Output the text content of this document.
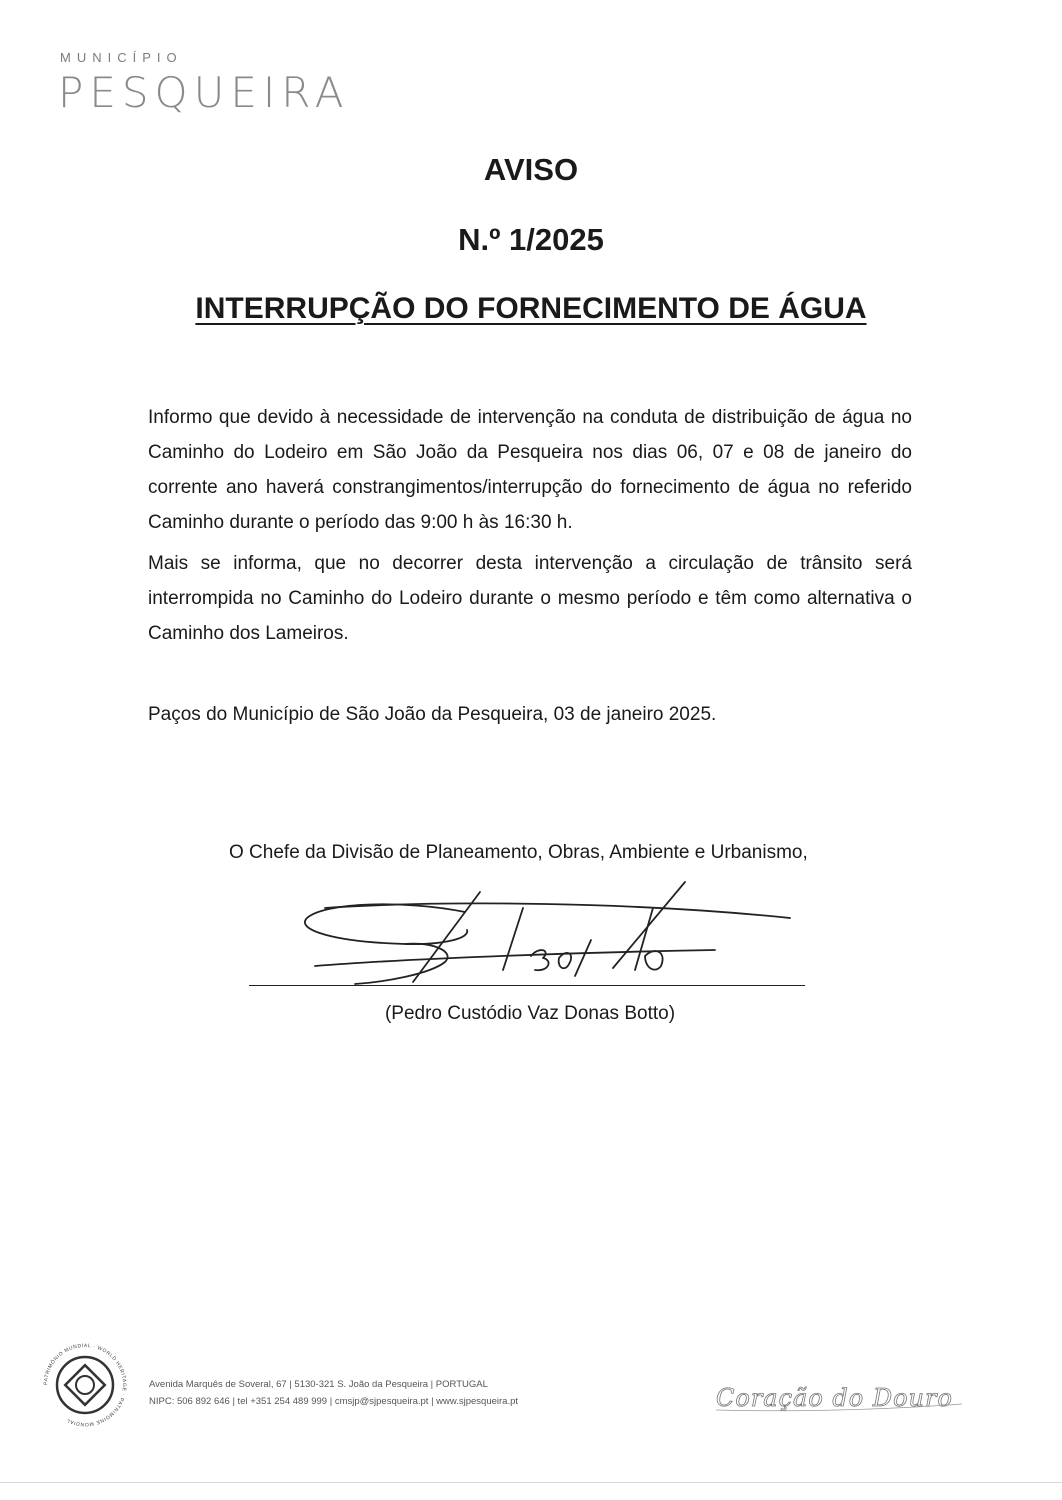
MUNICÍPIO
PESQUEIRA
AVISO
N.º 1/2025
INTERRUPÇÃO DO FORNECIMENTO DE ÁGUA
Informo que devido à necessidade de intervenção na conduta de distribuição de água no Caminho do Lodeiro em São João da Pesqueira nos dias 06, 07 e 08 de janeiro do corrente ano haverá constrangimentos/interrupção do fornecimento de água no referido Caminho durante o período das 9:00 h às 16:30 h.
Mais se informa, que no decorrer desta intervenção a circulação de trânsito será interrompida no Caminho do Lodeiro durante o mesmo período e têm como alternativa o Caminho dos Lameiros.
Paços do Município de São João da Pesqueira, 03 de janeiro 2025.
O Chefe da Divisão de Planeamento, Obras, Ambiente e Urbanismo,
(Pedro Custódio Vaz Donas Botto)
PATRIMÓNIO MUNDIAL · WORLD HERITAGE · PATRIMOINE MONDIAL
Avenida Marquês de Soveral, 67 | 5130-321 S. João da Pesqueira | PORTUGAL
NIPC: 506 892 646 | tel +351 254 489 999 | cmsjp@sjpesqueira.pt | www.sjpesqueira.pt	Coração do Douro
